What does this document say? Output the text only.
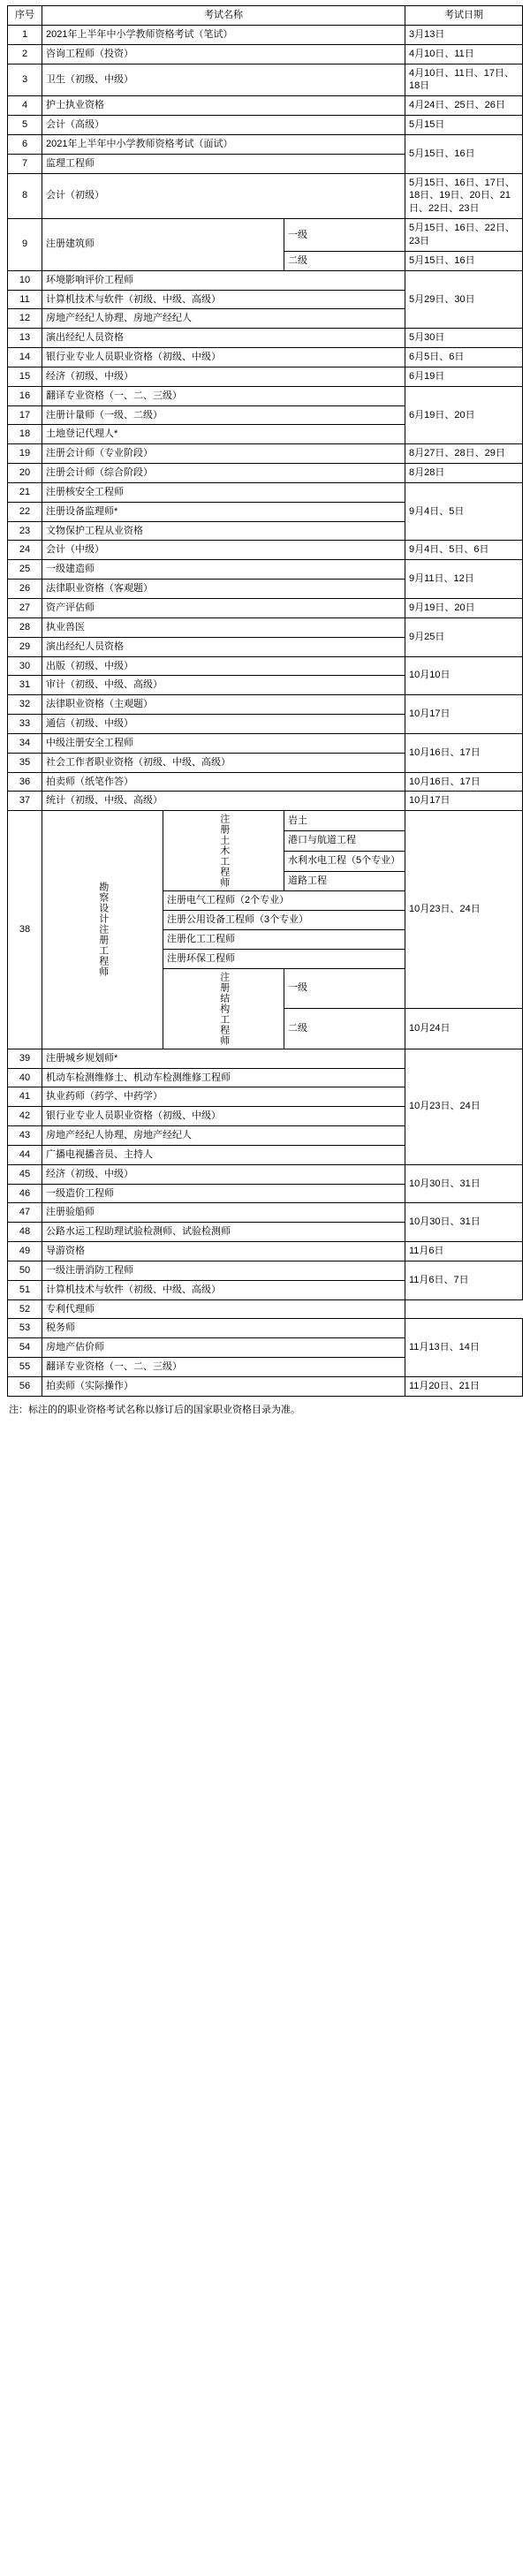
序号	考试名称			考试日期
1	2021年上半年中小学教师资格考试（笔试）			3月13日
2	咨询工程师（投资）			4月10日、11日
3	卫生（初级、中级）			4月10日、11日、17日、18日
4	护士执业资格			4月24日、25日、26日
5	会计（高级）			5月15日
6	2021年上半年中小学教师资格考试（面试）			5月15日、16日
7	监理工程师			
8	会计（初级）			5月15日、16日、17日、18日、19日、20日、21日、22日、23日
9	注册建筑师		一级	5月15日、16日、22日、23日
			二级	5月15日、16日
10	环境影响评价工程师			5月29日、30日
11	计算机技术与软件（初级、中级、高级）			
12	房地产经纪人协理、房地产经纪人			
13	演出经纪人员资格			5月30日
14	银行业专业人员职业资格（初级、中级）			6月5日、6日
15	经济（初级、中级）			6月19日
16	翻译专业资格（一、二、三级）			6月19日、20日
17	注册计量师（一级、二级）			
18	土地登记代理人*			
19	注册会计师（专业阶段）			8月27日、28日、29日
20	注册会计师（综合阶段）			8月28日
21	注册核安全工程师			9月4日、5日
22	注册设备监理师*			
23	文物保护工程从业资格			
24	会计（中级）			9月4日、5日、6日
25	一级建造师			9月11日、12日
26	法律职业资格（客观题）			
27	资产评估师			9月19日、20日
28	执业兽医			9月25日
29	演出经纪人员资格			
30	出版（初级、中级）			10月10日
31	审计（初级、中级、高级）			
32	法律职业资格（主观题）			10月17日
33	通信（初级、中级）			
34	中级注册安全工程师			10月16日、17日
35	社会工作者职业资格（初级、中级、高级）			
36	拍卖师（纸笔作答）			10月16日、17日
37	统计（初级、中级、高级）			10月17日
38	勘察设计注册工程师	注册土木工程师	岩土	10月23日、24日
			港口与航道工程	
			水利水电工程（5个专业）	
			道路工程	
		注册电气工程师（2个专业）		
		注册公用设备工程师（3个专业）		
		注册化工工程师		
		注册环保工程师		

		注册结构工程师	一级	
			二级	10月24日
39	注册城乡规划师*			10月23日、24日
40	机动车检测维修士、机动车检测维修工程师			
41	执业药师（药学、中药学）			
42	银行业专业人员职业资格（初级、中级）			
43	房地产经纪人协理、房地产经纪人			
44	广播电视播音员、主持人			
45	经济（初级、中级）			10月30日、31日
46	一级造价工程师			
47	注册验船师			10月30日、31日
48	公路水运工程助理试验检测师、试验检测师			
49	导游资格			11月6日
50	一级注册消防工程师			11月6日、7日
51	计算机技术与软件（初级、中级、高级）			
52	专利代理师			
53	税务师			11月13日、14日
54	房地产估价师			
55	翻译专业资格（一、二、三级）			
56	拍卖师（实际操作）			11月20日、21日
注：标注的的职业资格考试名称以修订后的国家职业资格目录为准。
